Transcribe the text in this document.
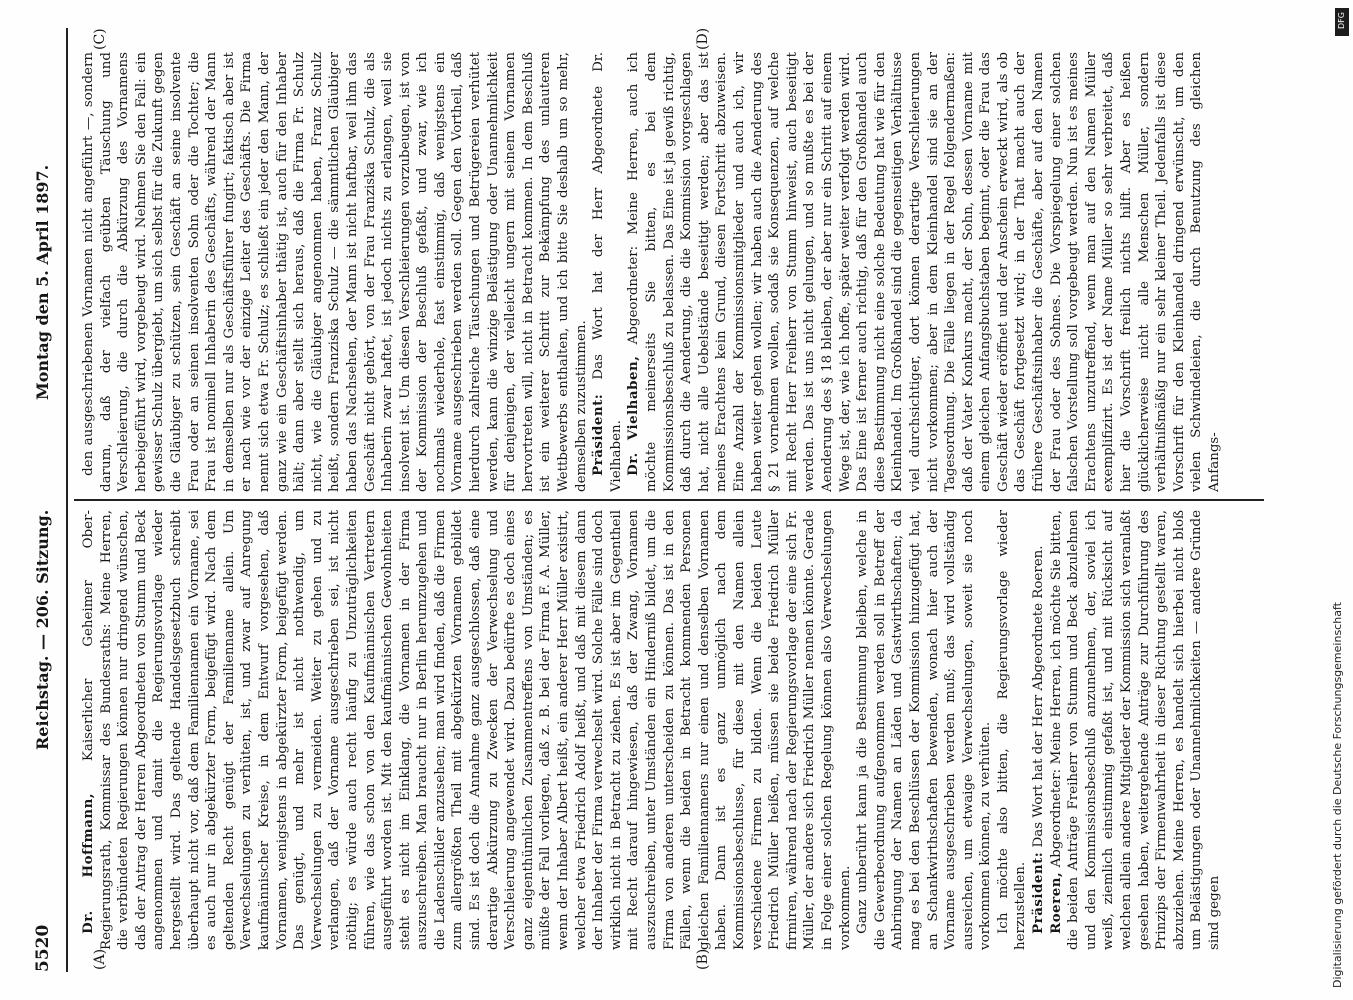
5520
Reichstag. — 206. Sitzung.
Montag den 5. April 1897.
(A)	(B)
(C)	(D)

Dr. Hoffmann, Kaiserlicher Geheimer Ober-Regierungsrath, Kommissar des Bundesraths: Meine Herren, die verbündeten Regierungen können nur dringend wünschen, daß der Antrag der Herren Abgeordneten von Stumm und Beck angenommen und damit die Regierungsvorlage wieder hergestellt wird. Das geltende Handelsgesetzbuch schreibt überhaupt nicht vor, daß dem Familiennamen ein Vorname, sei es auch nur in abgekürzter Form, beigefügt wird. Nach dem geltenden Recht genügt der Familienname allein. Um Verwechselungen zu verhüten, ist, und zwar auf Anregung kaufmännischer Kreise, in dem Entwurf vorgesehen, daß Vornamen, wenigstens in abgekürzter Form, beigefügt werden. Das genügt, und mehr ist nicht nothwendig, um Verwechselungen zu vermeiden. Weiter zu gehen und zu verlangen, daß der Vorname ausgeschrieben sei, ist nicht nöthig; es würde auch recht häufig zu Unzuträglichkeiten führen, wie das schon von den Kaufmännischen Vertretern ausgeführt worden ist. Mit den kaufmännischen Gewohnheiten steht es nicht im Einklang, die Vornamen in der Firma auszuschreiben. Man braucht nur in Berlin herumzugehen und die Ladenschilder anzusehen; man wird finden, daß die Firmen zum allergrößten Theil mit abgekürzten Vornamen gebildet sind. Es ist doch die Annahme ganz ausgeschlossen, daß eine derartige Abkürzung zu Zwecken der Verwechselung und Verschleierung angewendet wird. Dazu bedürfte es doch eines ganz eigenthümlichen Zusammentreffens von Umständen; es müßte der Fall vorliegen, daß z. B. bei der Firma F. A. Müller, wenn der Inhaber Albert heißt, ein anderer Herr Müller existirt, welcher etwa Friedrich Adolf heißt, und daß mit diesem dann der Inhaber der Firma verwechselt wird. Solche Fälle sind doch wirklich nicht in Betracht zu ziehen. Es ist aber im Gegentheil mit Recht darauf hingewiesen, daß der Zwang, Vornamen auszuschreiben, unter Umständen ein Hinderniß bildet, um die Firma von anderen unterscheiden zu können. Das ist in den Fällen, wenn die beiden in Betracht kommenden Personen gleichen Familiennamens nur einen und denselben Vornamen haben. Dann ist es ganz unmöglich nach dem Kommissionsbeschlusse, für diese mit den Namen allein verschiedene Firmen zu bilden. Wenn die beiden Leute Friedrich Müller heißen, müssen sie beide Friedrich Müller firmiren, während nach der Regierungsvorlage der eine sich Fr. Müller, der andere sich Friedrich Müller nennen könnte. Gerade in Folge einer solchen Regelung können also Verwechselungen vorkommen. Ganz unberührt kann ja die Bestimmung bleiben, welche in die Gewerbeordnung aufgenommen werden soll in Betreff der Anbringung der Namen an Läden und Gastwirthschaften; da mag es bei den Beschlüssen der Kommission hinzugefügt hat, an Schankwirthschaften bewenden, wonach hier auch der Vorname ausgeschrieben werden muß; das wird vollständig ausreichen, um etwaige Verwechselungen, soweit sie noch vorkommen können, zu verhüten. Ich möchte also bitten, die Regierungsvorlage wieder herzustellen. Präsident: Das Wort hat der Herr Abgeordnete Roeren.

Roeren, Abgeordneter: Meine Herren, ich möchte Sie bitten, die beiden Anträge Freiherr von Stumm und Beck abzulehnen und den Kommissionsbeschluß anzunehmen, der, soviel ich weiß, ziemlich einstimmig gefaßt ist, und mit Rücksicht auf welchen allein andere Mitglieder der Kommission sich veranlaßt gesehen haben, weitergehende Anträge zur Durchführung des Prinzips der Firmenwahrheit in dieser Richtung gestellt waren, abzuziehen. Meine Herren, es handelt sich hierbei nicht bloß um Belästigungen oder Unannehmlichkeiten — andere Gründe sind gegen

den ausgeschriebenen Vornamen nicht angeführt —, sondern darum, daß der vielfach geübten Täuschung und Verschleierung, die durch die Abkürzung des Vornamens herbeigeführt wird, vorgebeugt wird. Nehmen Sie den Fall: ein gewisser Schulz übergiebt, um sich selbst für die Zukunft gegen die Gläubiger zu schützen, sein Geschäft an seine insolvente Frau oder an seinen insolventen Sohn oder die Tochter; die Frau ist nominell Inhaberin des Geschäfts, während der Mann in demselben nur als Geschäftsführer fungirt; faktisch aber ist er nach wie vor der einzige Leiter des Geschäfts. Die Firma nennt sich etwa Fr. Schulz; es schließt ein jeder den Mann, der ganz wie ein Geschäftsinhaber thätig ist, auch für den Inhaber hält; dann aber stellt sich heraus, daß die Firma Fr. Schulz nicht, wie die Gläubiger angenommen haben, Franz Schulz heißt, sondern Franziska Schulz — die sämmtlichen Gläubiger haben das Nachsehen, der Mann ist nicht haftbar, weil ihm das Geschäft nicht gehört, von der Frau Franziska Schulz, die als Inhaberin zwar haftet, ist jedoch nichts zu erlangen, weil sie insolvent ist. Um diesen Verschleierungen vorzubeugen, ist von der Kommission der Beschluß gefaßt, und zwar, wie ich nochmals wiederhole, fast einstimmig, daß wenigstens ein Vorname ausgeschrieben werden soll. Gegen den Vortheil, daß hierdurch zahlreiche Täuschungen und Betrügereien verhütet werden, kann die winzige Belästigung oder Unannehmlichkeit für denjenigen, der vielleicht ungern mit seinem Vornamen hervortreten will, nicht in Betracht kommen. In dem Beschluß ist ein weiterer Schritt zur Bekämpfung des unlauteren Wettbewerbs enthalten, und ich bitte Sie deshalb um so mehr, demselben zuzustimmen. Präsident: Das Wort hat der Herr Abgeordnete Dr. Vielhaben. Dr. Vielhaben, Abgeordneter: Meine Herren, auch ich möchte meinerseits Sie bitten, es bei dem Kommissionsbeschluß zu belassen. Das Eine ist ja gewiß richtig, daß durch die Aenderung, die die Kommission vorgeschlagen hat, nicht alle Uebelstände beseitigt werden; aber das ist meines Erachtens kein Grund, diesen Fortschritt abzuweisen. Eine Anzahl der Kommissionsmitglieder und auch ich, wir haben weiter gehen wollen; wir haben auch die Aenderung des § 21 vornehmen wollen, sodaß sie Konsequenzen, auf welche mit Recht Herr Freiherr von Stumm hinweist, auch beseitigt werden. Das ist uns nicht gelungen, und so mußte es bei der Aenderung des § 18 bleiben, der aber nur ein Schritt auf einem Wege ist, der, wie ich hoffe, später weiter verfolgt werden wird. Das Eine ist ferner auch richtig, daß für den Großhandel auch diese Bestimmung nicht eine solche Bedeutung hat wie für den Kleinhandel. Im Großhandel sind die gegenseitigen Verhältnisse viel durchsichtiger, dort können derartige Verschleierungen nicht vorkommen; aber in dem Kleinhandel sind sie an der Tagesordnung. Die Fälle liegen in der Regel folgendermaßen: daß der Vater Konkurs macht, der Sohn, dessen Vorname mit einem gleichen Anfangsbuchstaben beginnt, oder die Frau das Geschäft wieder eröffnet und der Anschein erweckt wird, als ob das Geschäft fortgesetzt wird; in der That macht auch der frühere Geschäftsinhaber die Geschäfte, aber auf den Namen der Frau oder des Sohnes. Die Vorspiegelung einer solchen falschen Vorstellung soll vorgebeugt werden. Nun ist es meines Erachtens unzutreffend, wenn man auf den Namen Müller exemplifizirt. Es ist der Name Müller so sehr verbreitet, daß hier die Vorschrift freilich nichts hilft. Aber es heißen glücklicherweise nicht alle Menschen Müller, sondern verhältnißmäßig nur ein sehr kleiner Theil. Jedenfalls ist diese Vorschrift für den Kleinhandel dringend erwünscht, um den vielen Schwindeleien, die durch Benutzung des gleichen Anfangs-

Digitalisierung gefördert durch die Deutsche Forschungsgemeinschaft
DFG
